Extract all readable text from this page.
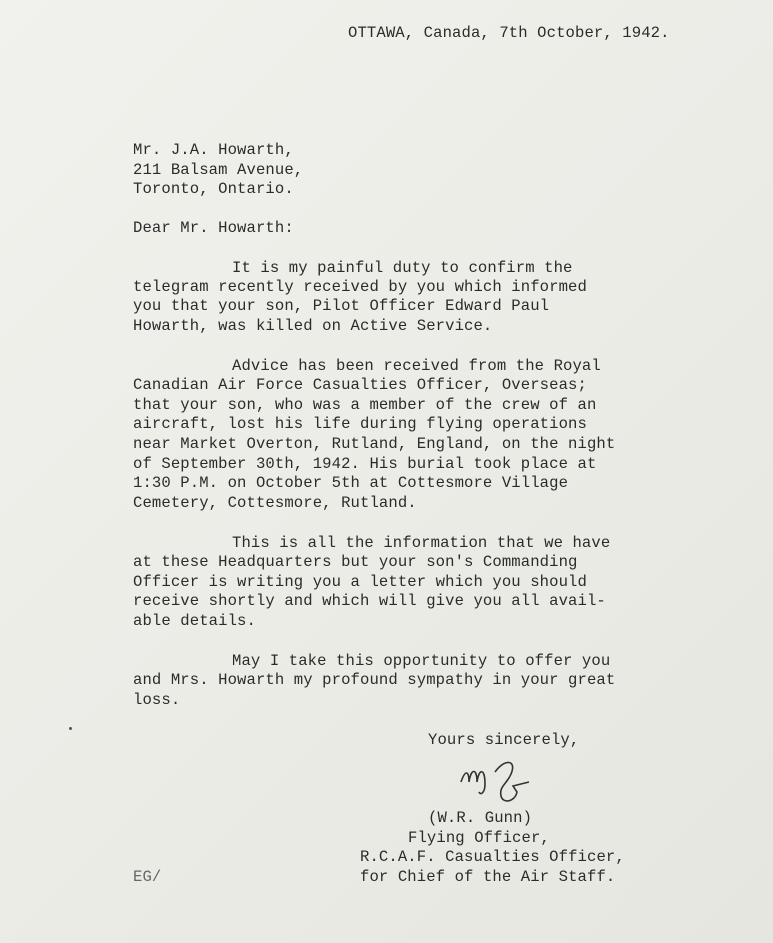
OTTAWA, Canada, 7th October, 1942.
Mr. J.A. Howarth,
211 Balsam Avenue,
Toronto, Ontario.
Dear Mr. Howarth:
It is my painful duty to confirm the
telegram recently received by you which informed
you that your son, Pilot Officer Edward Paul
Howarth, was killed on Active Service.
Advice has been received from the Royal
Canadian Air Force Casualties Officer, Overseas;
that your son, who was a member of the crew of an
aircraft, lost his life during flying operations
near Market Overton, Rutland, England, on the night
of September 30th, 1942. His burial took place at
1:30 P.M. on October 5th at Cottesmore Village
Cemetery, Cottesmore, Rutland.
This is all the information that we have
at these Headquarters but your son's Commanding
Officer is writing you a letter which you should
receive shortly and which will give you all avail-
able details.
May I take this opportunity to offer you
and Mrs. Howarth my profound sympathy in your great
loss.
Yours sincerely,
(W.R. Gunn)
Flying Officer,
R.C.A.F. Casualties Officer,
for Chief of the Air Staff.
EG/
